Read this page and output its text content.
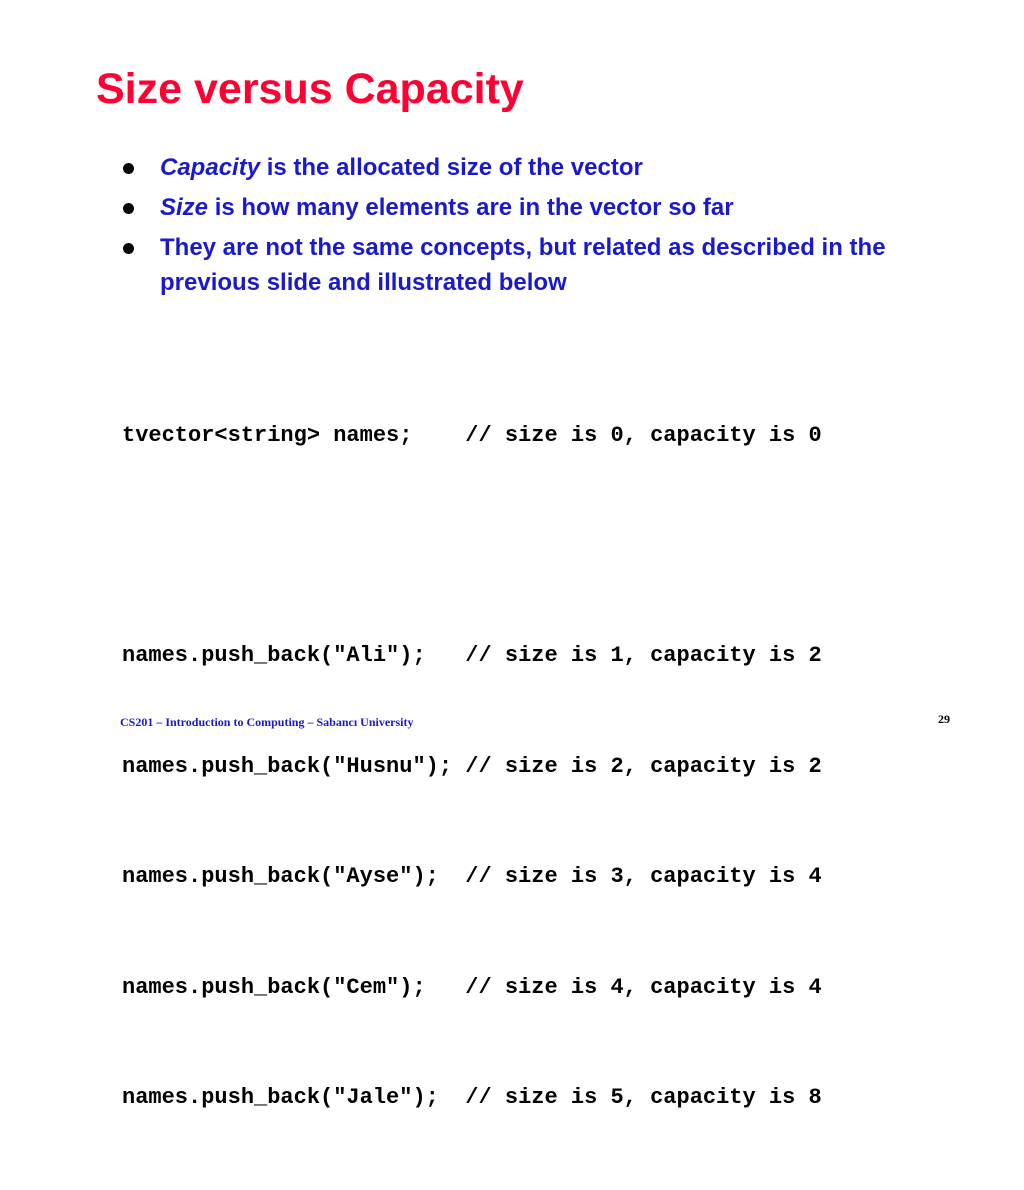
Size versus Capacity
Capacity is the allocated size of the vector
Size is how many elements are in the vector so far
They are not the same concepts, but related as described in the previous slide and illustrated below

tvector<string> names;    // size is 0, capacity is 0

names.push_back("Ali");   // size is 1, capacity is 2

names.push_back("Husnu"); // size is 2, capacity is 2

names.push_back("Ayse");  // size is 3, capacity is 4

names.push_back("Cem");   // size is 4, capacity is 4

names.push_back("Jale");  // size is 5, capacity is 8

CS201 – Introduction to Computing – Sabancı University	29
